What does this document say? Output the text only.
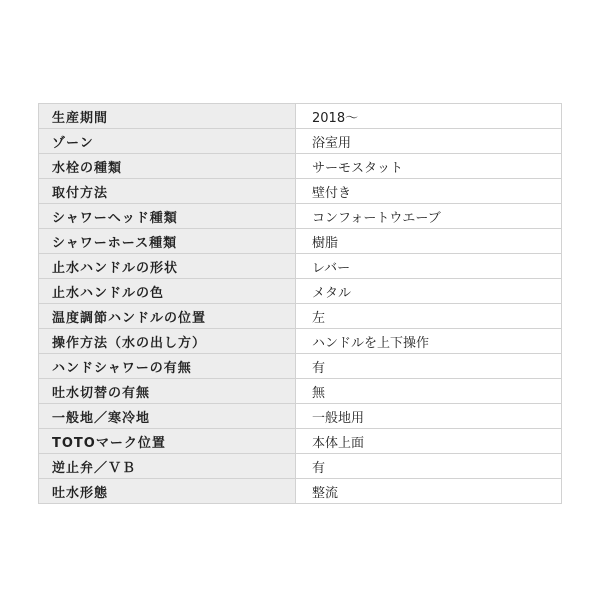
生産期間	2018～
ゾーン	浴室用
水栓の種類	サーモスタット
取付方法	壁付き
シャワーヘッド種類	コンフォートウエーブ
シャワーホース種類	樹脂
止水ハンドルの形状	レバー
止水ハンドルの色	メタル
温度調節ハンドルの位置	左
操作方法（水の出し方）	ハンドルを上下操作
ハンドシャワーの有無	有
吐水切替の有無	無
一般地／寒冷地	一般地用
TOTOマーク位置	本体上面
逆止弁／ＶＢ	有
吐水形態	整流
